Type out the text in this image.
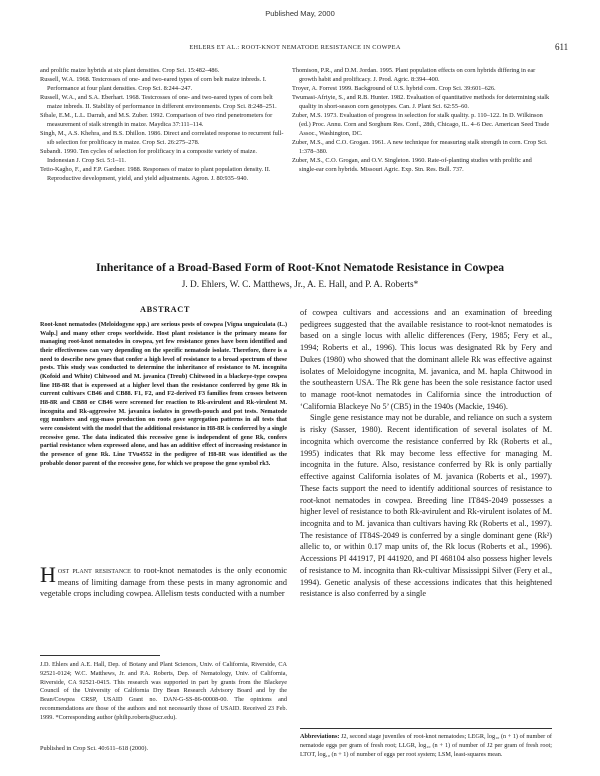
Published May, 2000
EHLERS ET AL.: ROOT-KNOT NEMATODE RESISTANCE IN COWPEA	611

and prolific maize hybrids at six plant densities. Crop Sci. 15:482–486.

Russell, W.A. 1968. Testcrosses of one- and two-eared types of corn belt maize inbreds. I. Performance at four plant densities. Crop Sci. 8:244–247.

Russell, W.A., and S.A. Eberhart. 1968. Testcrosses of one- and two-eared types of corn belt maize inbreds. II. Stability of performance in different environments. Crop Sci. 8:248–251.

Sibale, E.M., L.L. Darrah, and M.S. Zuber. 1992. Comparison of two rind penetrometers for measurement of stalk strength in maize. Maydica 37:111–114.

Singh, M., A.S. Khehra, and B.S. Dhillon. 1986. Direct and correlated response to recurrent full-sib selection for prolificacy in maize. Crop Sci. 26:275–278.

Subandi. 1990. Ten cycles of selection for prolificacy in a composite variety of maize. Indonesian J. Crop Sci. 5:1–11.

Tetio-Kagho, F., and F.P. Gardner. 1988. Responses of maize to plant population density. II. Reproductive development, yield, and yield adjustments. Agron. J. 80:935–940.

Thomison, P.R., and D.M. Jordan. 1995. Plant population effects on corn hybrids differing in ear growth habit and prolificacy. J. Prod. Agric. 8:394–400.

Troyer, A. Forrest 1999. Background of U.S. hybrid corn. Crop Sci. 39:601–626.

Twumasi-Afriyie, S., and R.B. Hunter. 1982. Evaluation of quantitative methods for determining stalk quality in short-season corn genotypes. Can. J. Plant Sci. 62:55–60.

Zuber, M.S. 1973. Evaluation of progress in selection for stalk quality. p. 110–122. In D. Wilkinson (ed.) Proc. Annu. Corn and Sorghum Res. Conf., 28th, Chicago, IL. 4–6 Dec. American Seed Trade Assoc., Washington, DC.

Zuber, M.S., and C.O. Grogan. 1961. A new technique for measuring stalk strength in corn. Crop Sci. 1:378–380.

Zuber, M.S., C.O. Grogan, and O.V. Singleton. 1960. Rate-of-planting studies with prolific and single-ear corn hybrids. Missouri Agric. Exp. Stn. Res. Bull. 737.

Inheritance of a Broad-Based Form of Root-Knot Nematode Resistance in Cowpea
J. D. Ehlers, W. C. Matthews, Jr., A. E. Hall, and P. A. Roberts*
ABSTRACT
Root-knot nematodes (Meloidogyne spp.) are serious pests of cowpea [Vigna unguiculata (L.) Walp.] and many other crops worldwide. Host plant resistance is the primary means for managing root-knot nematodes in cowpea, yet few resistance genes have been identified and their effectiveness can vary depending on the specific nematode isolate. Therefore, there is a need to describe new genes that confer a high level of resistance to a broad spectrum of these pests. This study was conducted to determine the inheritance of resistance to M. incognita (Kofoid and White) Chitwood and M. javanica (Treub) Chitwood in a blackeye-type cowpea line H8-8R that is expressed at a higher level than the resistance conferred by gene Rk in current cultivars CB46 and CB88. F1, F2, and F2-derived F3 families from crosses between H8-8R and CB88 or CB46 were screened for reaction to Rk-avirulent and Rk-virulent M. incognita and Rk-aggressive M. javanica isolates in growth-pouch and pot tests. Nematode egg numbers and egg-mass production on roots gave segregation patterns in all tests that were consistent with the model that the additional resistance in H8-8R is conferred by a single recessive gene. The data indicated this recessive gene is independent of gene Rk, confers partial resistance when expressed alone, and has an additive effect of increasing resistance in the presence of gene Rk. Line TVu4552 in the pedigree of H8-8R was identified as the probable donor parent of the recessive gene, for which we propose the gene symbol rk3.
Host plant resistance to root-knot nematodes is the only economic means of limiting damage from these pests in many agronomic and vegetable crops including cowpea. Allelism tests conducted with a number
J.D. Ehlers and A.E. Hall, Dep. of Botany and Plant Sciences, Univ. of California, Riverside, CA 92521-0124; W.C. Matthews, Jr. and P.A. Roberts, Dep. of Nematology, Univ. of California, Riverside, CA 92521-0415. This research was supported in part by grants from the Blackeye Council of the University of California Dry Bean Research Advisory Board and by the Bean/Cowpea CRSP, USAID Grant no. DAN-G-SS-86-00008-00. The opinions and recommendations are those of the authors and not necessarily those of USAID. Received 23 Feb. 1999. *Corresponding author (philip.roberts@ucr.edu).
Published in Crop Sci. 40:611–618 (2000).

of cowpea cultivars and accessions and an examination of breeding pedigrees suggested that the available resistance to root-knot nematodes is based on a single locus with allelic differences (Fery, 1985; Fery et al., 1994; Roberts et al., 1996). This locus was designated Rk by Fery and Dukes (1980) who showed that the dominant allele Rk was effective against isolates of Meloidogyne incognita, M. javanica, and M. hapla Chitwood in the southeastern USA. The Rk gene has been the sole resistance factor used to manage root-knot nematodes in California since the introduction of ‘California Blackeye No 5’ (CB5) in the 1940s (Mackie, 1946).

Single gene resistance may not be durable, and reliance on such a system is risky (Sasser, 1980). Recent identification of several isolates of M. incognita which overcome the resistance conferred by Rk (Roberts et al., 1995) indicates that Rk may become less effective for managing M. incognita in the future. Also, resistance conferred by Rk is only partially effective against California isolates of M. javanica (Roberts et al., 1997). These facts support the need to identify additional sources of resistance to root-knot nematodes in cowpea. Breeding line IT84S-2049 possesses a higher level of resistance to both Rk-avirulent and Rk-virulent isolates of M. incognita and to M. javanica than cultivars having Rk (Roberts et al., 1997). The resistance of IT84S-2049 is conferred by a single dominant gene (Rk²) allelic to, or within 0.17 map units of, the Rk locus (Roberts et al., 1996). Accessions PI 441917, PI 441920, and PI 468104 also possess higher levels of resistance to M. incognita than Rk-cultivar Mississippi Silver (Fery et al., 1994). Genetic analysis of these accessions indicates that this heightened resistance is also conferred by a single

Abbreviations: J2, second stage juveniles of root-knot nematodes; LEGR, log₁₀ (n + 1) of number of nematode eggs per gram of fresh root; LLGR, log₁₀ (n + 1) of number of J2 per gram of fresh root; LTOT, log₁₀ (n + 1) of number of eggs per root system; LSM, least-squares mean.
